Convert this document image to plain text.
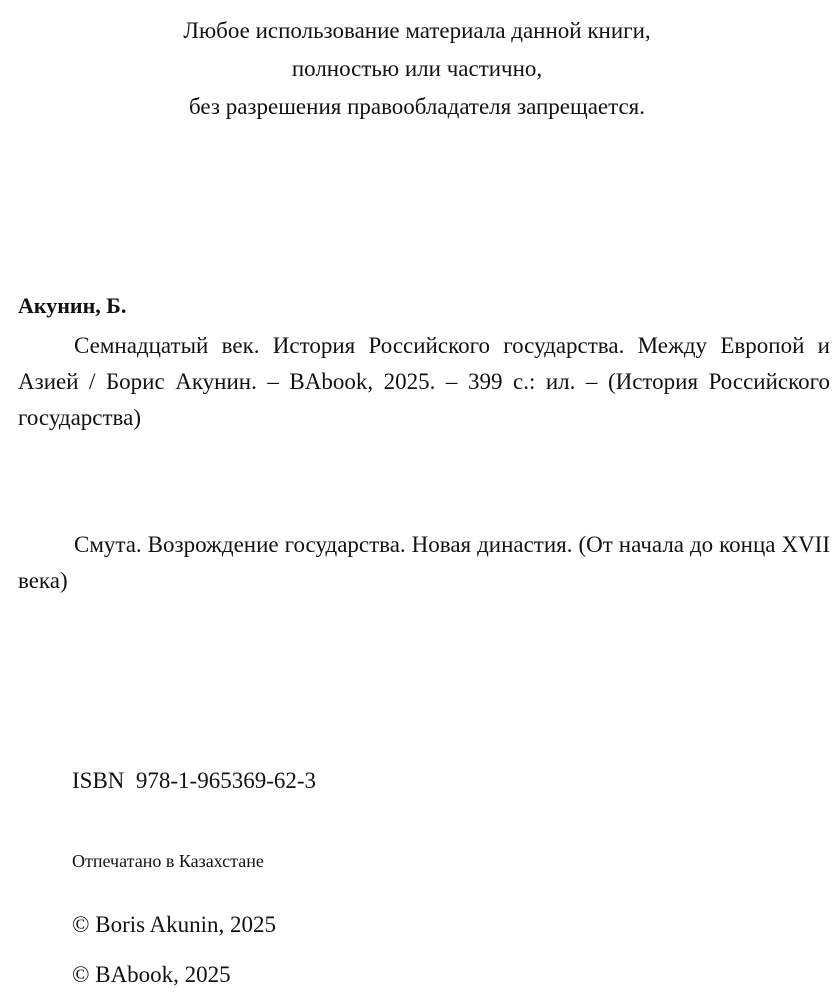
Любое использование материала данной книги,
полностью или частично,
без разрешения правообладателя запрещается.
Акунин, Б.

Семнадцатый век. История Российского государства. Между Европой и Азией / Борис Акунин. – BAbook, 2025. – 399 с.: ил. – (История Российского государства)

Смута. Возрождение государства. Новая династия. (От начала до конца XVII века)

ISBN  978-1-965369-62-3
Отпечатано в Казахстане
© Boris Akunin, 2025
© BAbook, 2025
